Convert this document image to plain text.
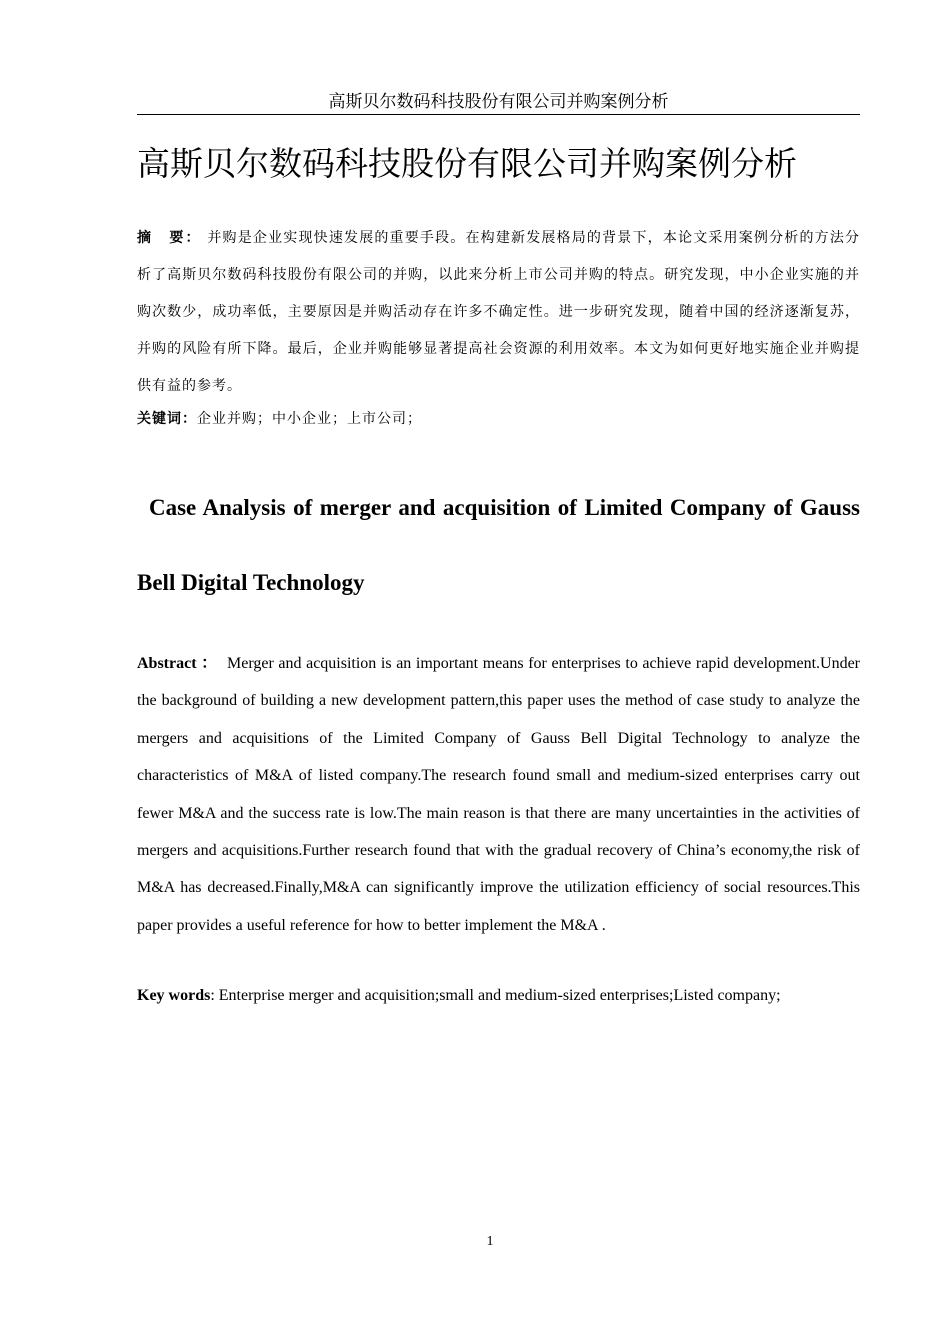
高斯贝尔数码科技股份有限公司并购案例分析
高斯贝尔数码科技股份有限公司并购案例分析
摘　要： 并购是企业实现快速发展的重要手段。在构建新发展格局的背景下，本论文采用案例分析的方法分析了高斯贝尔数码科技股份有限公司的并购，以此来分析上市公司并购的特点。研究发现，中小企业实施的并购次数少，成功率低，主要原因是并购活动存在许多不确定性。进一步研究发现，随着中国的经济逐渐复苏，并购的风险有所下降。最后，企业并购能够显著提高社会资源的利用效率。本文为如何更好地实施企业并购提供有益的参考。
关键词：企业并购；中小企业；上市公司；
Case Analysis of merger and acquisition of Limited Company of Gauss Bell Digital Technology
Abstract ： Merger and acquisition is an important means for enterprises to achieve rapid development.Under the background of building a new development pattern,this paper uses the method of case study to analyze the mergers and acquisitions of the Limited Company of Gauss Bell Digital Technology to analyze the characteristics of M&A of listed company.The research found small and medium-sized enterprises carry out fewer M&A and the success rate is low.The main reason is that there are many uncertainties in the activities of mergers and acquisitions.Further research found that with the gradual recovery of China’s economy,the risk of M&A has decreased.Finally,M&A can significantly improve the utilization efficiency of social resources.This paper provides a useful reference for how to better implement the M&A .
Key words: Enterprise merger and acquisition;small and medium-sized enterprises;Listed company;
1
